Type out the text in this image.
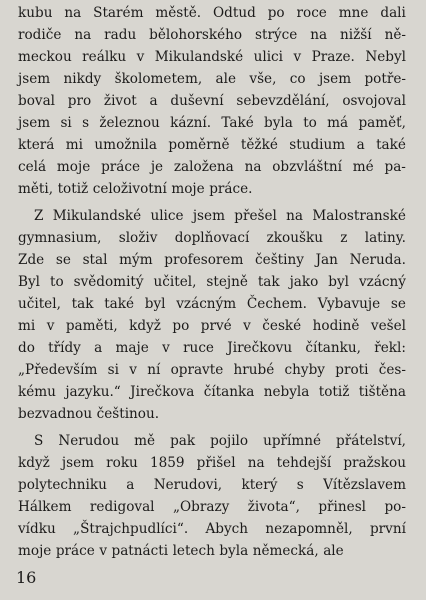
kubu na Starém městě. Odtud po roce mne dali
rodiče na radu bělohorského strýce na nižší ně-
meckou reálku v Mikulandské ulici v Praze. Nebyl
jsem nikdy školometem, ale vše, co jsem potře-
boval pro život a duševní sebevzdělání, osvojoval
jsem si s železnou kázní. Také byla to má paměť,
která mi umožnila poměrně těžké studium a také
celá moje práce je založena na obzvláštní mé pa-
měti, totiž celoživotní moje práce.
Z Mikulandské ulice jsem přešel na Malostranské
gymnasium, složiv doplňovací zkoušku z latiny.
Zde se stal mým profesorem češtiny Jan Neruda.
Byl to svědomitý učitel, stejně tak jako byl vzácný
učitel, tak také byl vzácným Čechem. Vybavuje se
mi v paměti, když po prvé v české hodině vešel
do třídy a maje v ruce Jirečkovu čítanku, řekl:
„Především si v ní opravte hrubé chyby proti čes-
kému jazyku.“ Jirečkova čítanka nebyla totiž tištěna
bezvadnou češtinou.
S Nerudou mě pak pojilo upřímné přátelství,
když jsem roku 1859 přišel na tehdejší pražskou
polytechniku a Nerudovi, který s Vítězslavem
Hálkem redigoval „Obrazy života“, přinesl po-
vídku „Štrajchpudlíci“. Abych nezapomněl, první
moje práce v patnácti letech byla německá, ale
16
